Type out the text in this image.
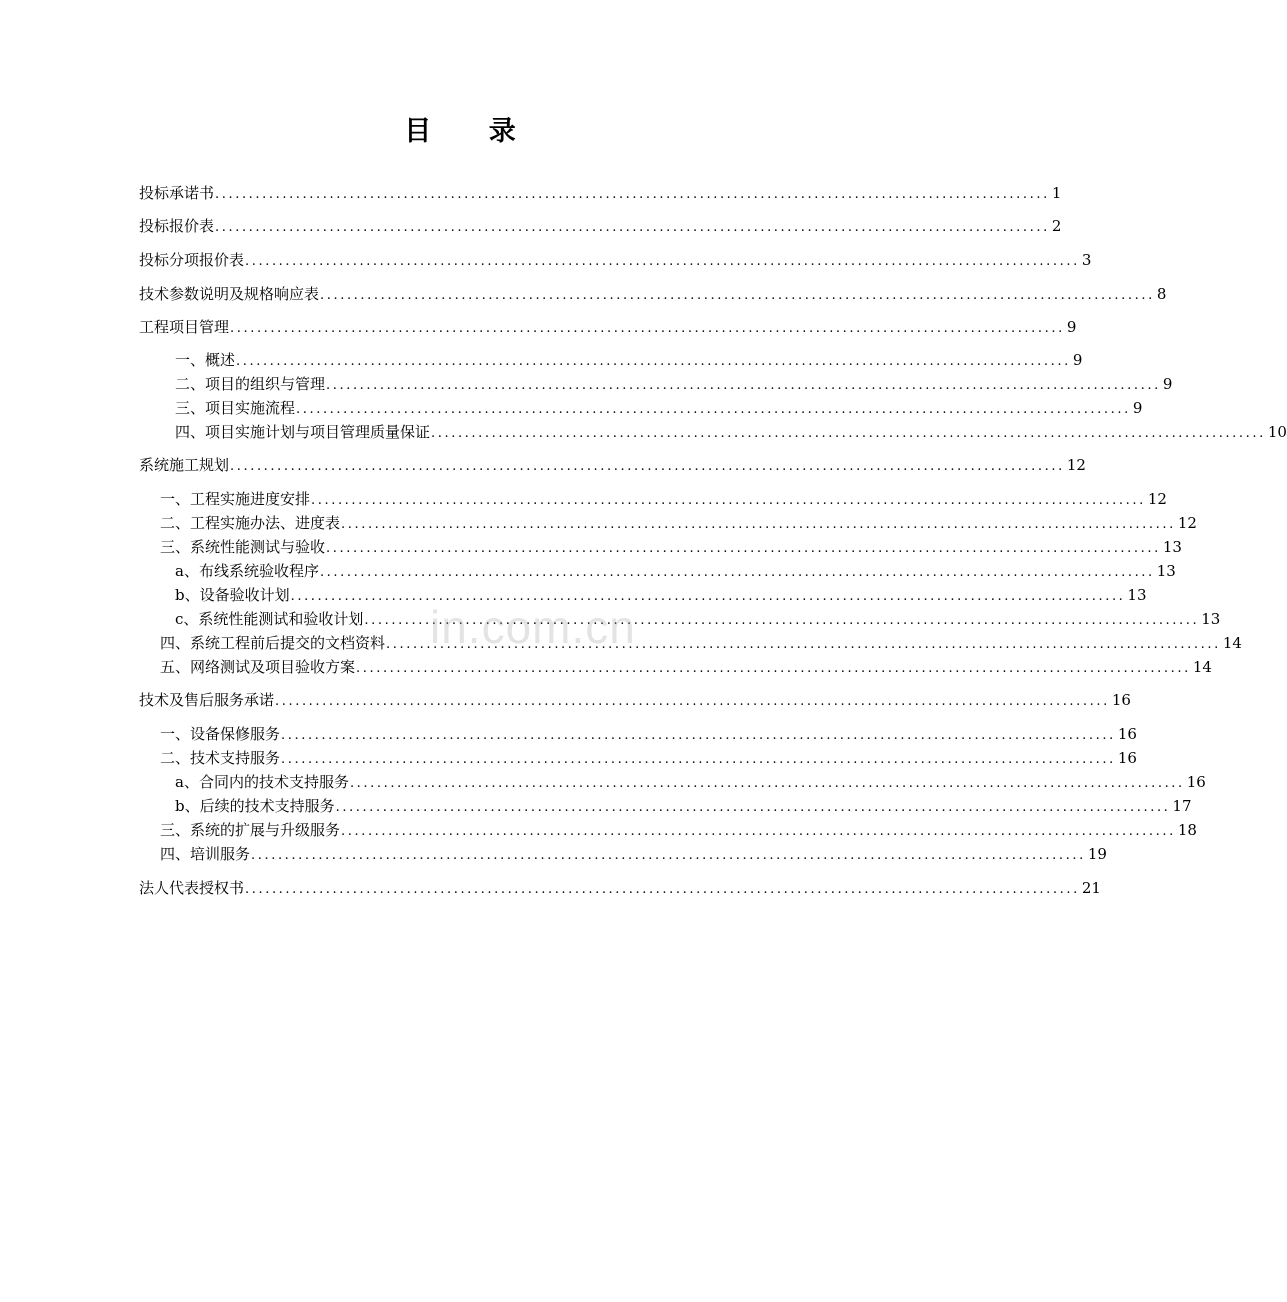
目 录
投标承诺书 ............................................................................................................................ 1
投标报价表 ............................................................................................................................ 2
投标分项报价表 ............................................................................................................................ 3
技术参数说明及规格响应表 ............................................................................................................................ 8
工程项目管理 ............................................................................................................................ 9
一、概述 ............................................................................................................................ 9
二、项目的组织与管理 ............................................................................................................................ 9
三、项目实施流程 ............................................................................................................................ 9
四、项目实施计划与项目管理质量保证 ............................................................................................................................ 10
系统施工规划 ............................................................................................................................ 12
一、工程实施进度安排 ............................................................................................................................ 12
二、工程实施办法、进度表 ............................................................................................................................ 12
三、系统性能测试与验收 ............................................................................................................................ 13
a、布线系统验收程序 ............................................................................................................................ 13
b、设备验收计划 ............................................................................................................................ 13
c、系统性能测试和验收计划 ............................................................................................................................ 13
四、系统工程前后提交的文档资料 ............................................................................................................................ 14
五、网络测试及项目验收方案 ............................................................................................................................ 14
技术及售后服务承诺 ............................................................................................................................ 16
一、设备保修服务 ............................................................................................................................ 16
二、技术支持服务 ............................................................................................................................ 16
a、合同内的技术支持服务 ............................................................................................................................ 16
b、后续的技术支持服务 ............................................................................................................................ 17
三、系统的扩展与升级服务 ............................................................................................................................ 18
四、培训服务 ............................................................................................................................ 19
法人代表授权书 ............................................................................................................................ 21
in.com.cn
